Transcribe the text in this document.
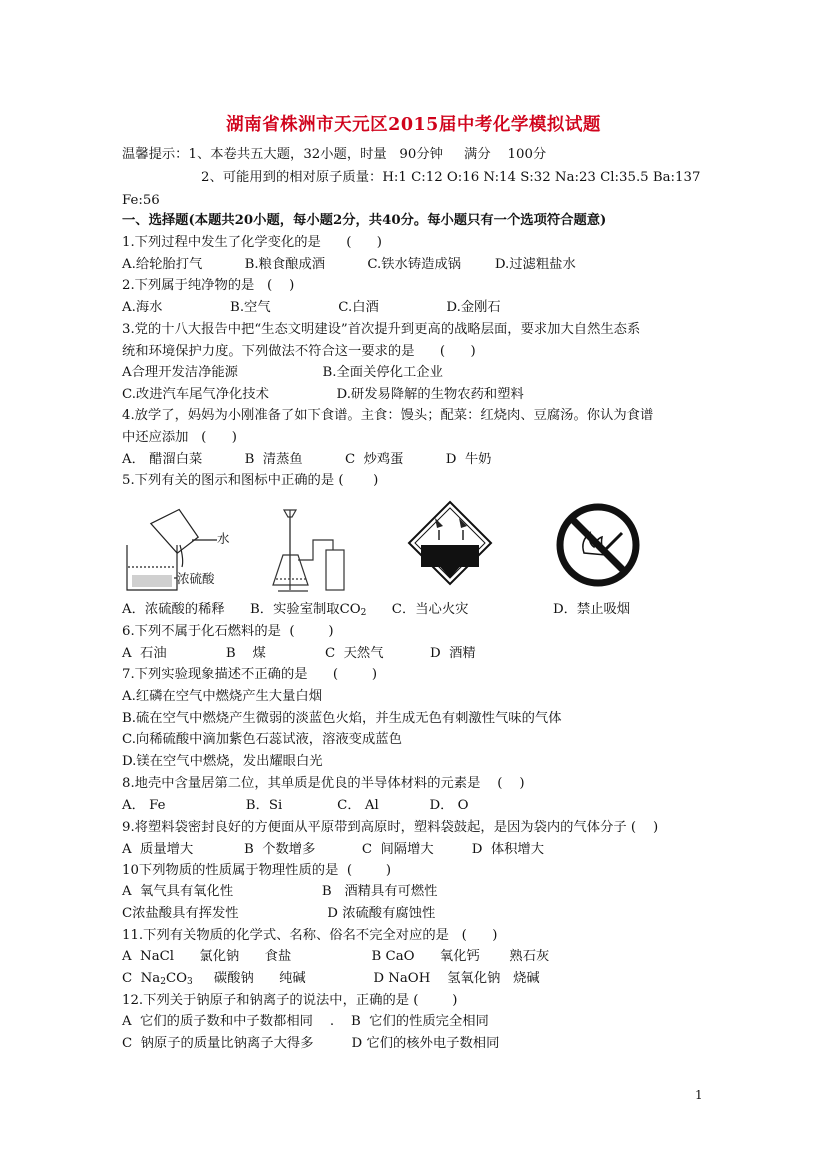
湖南省株洲市天元区2015届中考化学模拟试题
温馨提示：1、本卷共五大题，32小题，时量   90分钟     满分    100分
2、可能用到的相对原子质量：H:1 C:12 O:16 N:14 S:32 Na:23 Cl:35.5 Ba:137
Fe:56
一、选择题(本题共20小题，每小题2分，共40分。每小题只有一个选项符合题意)
1.下列过程中发生了化学变化的是      (      )
A.给轮胎打气          B.粮食酿成酒          C.铁水铸造成锅        D.过滤粗盐水
2.下列属于纯净物的是   (    )
A.海水                B.空气                C.白酒                D.金刚石
3.党的十八大报告中把“生态文明建设”首次提升到更高的战略层面，要求加大自然生态系
统和环境保护力度。下列做法不符合这一要求的是      (      )
A合理开发洁净能源                    B.全面关停化工企业
C.改进汽车尾气净化技术                D.研发易降解的生物农药和塑料
4.放学了，妈妈为小刚准备了如下食谱。主食：馒头；配菜：红烧肉、豆腐汤。你认为食谱
中还应添加   (      )
A． 醋溜白菜          B  清蒸鱼          C  炒鸡蛋          D  牛奶
5.下列有关的图示和图标中正确的是 (       )
水
浓硫酸
A．浓硫酸的稀释      B．实验室制取$CO_2$      C．当心火灾                    D．禁止吸烟
6.下列不属于化石燃料的是  (        )
A  石油              B    煤              C  天然气           D  酒精
7.下列实验现象描述不正确的是      (        )
A.红磷在空气中燃烧产生大量白烟
B.硫在空气中燃烧产生微弱的淡蓝色火焰，并生成无色有刺激性气味的气体
C.向稀硫酸中滴加紫色石蕊试液，溶液变成蓝色
D.镁在空气中燃烧，发出耀眼白光
8.地壳中含量居第二位，其单质是优良的半导体材料的元素是    (    )
A． Fe                   B．Si             C． Al            D． O
9.将塑料袋密封良好的方便面从平原带到高原时，塑料袋鼓起，是因为袋内的气体分子 (    )
A  质量增大            B  个数增多           C  间隔增大         D  体积增大
10下列物质的性质属于物理性质的是  (        )
A  氧气具有氧化性                     B   酒精具有可燃性
C浓盐酸具有挥发性                     D 浓硫酸有腐蚀性
11.下列有关物质的化学式、名称、俗名不完全对应的是   (      )
A  NaCl      氯化钠      食盐                   B CaO      氧化钙       熟石灰
C  $Na_2CO_3$     碳酸钠      纯碱                D NaOH    氢氧化钠   烧碱
12.下列关于钠原子和钠离子的说法中，正确的是 (        )
A  它们的质子数和中子数都相同    .    B  它们的性质完全相同
C  钠原子的质量比钠离子大得多         D 它们的核外电子数相同
1
